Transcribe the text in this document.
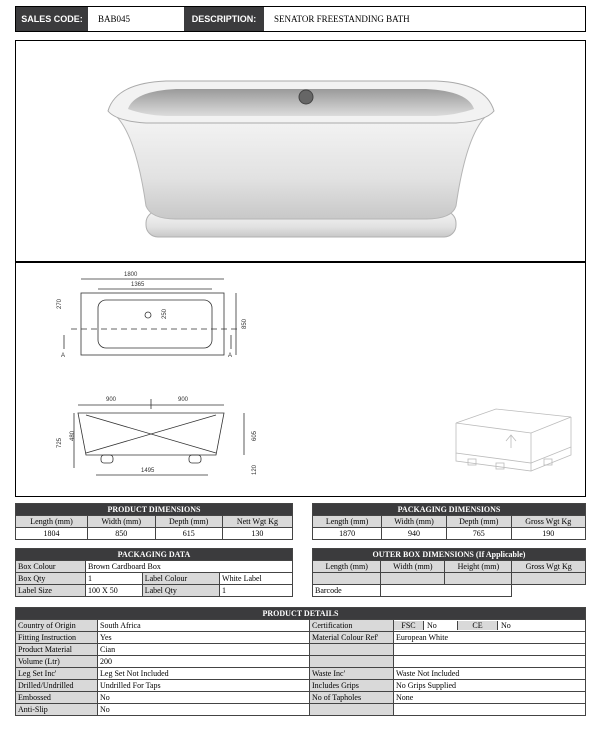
SALES CODE:	BAB045	DESCRIPTION:	SENATOR FREESTANDING BATH
1800
1365
270
250
850
A	A
900	900
725
480	605
120
1495
PRODUCT DIMENSIONS			
Length (mm)	Width (mm)	Depth (mm)	Nett Wgt Kg
1804	850	615	130
PACKAGING DIMENSIONS			
Length (mm)	Width (mm)	Depth (mm)	Gross Wgt Kg
1870	940	765	190
PACKAGING DATA			
Box Colour	Brown Cardboard Box		
Box Qty	1	Label Colour	White Label
Label Size	100 X 50	Label Qty	1
OUTER BOX DIMENSIONS (If Applicable)			
Length (mm)	Width (mm)	Height (mm)	Gross Wgt Kg

Barcode			
PRODUCT DETAILS			
Country of Origin	South Africa	Certification	FSC No CE No
Fitting Instruction	Yes	Material Colour Ref'	European White
Product Material	Cian		
Volume (Ltr)	200		
Leg Set Inc'	Leg Set Not Included	Waste Inc'	Waste Not Included
Drilled/Undrilled	Undrilled For Taps	Includes Grips	No Grips Supplied
Embossed	No	No of Tapholes	None
Anti-Slip	No		
